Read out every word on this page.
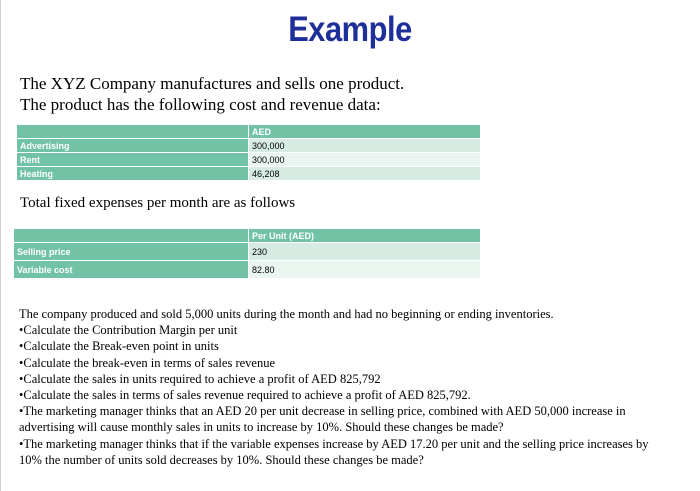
Example
The XYZ Company manufactures and sells one product.
The product has the following cost and revenue data:
	AED
Advertising	300,000
Rent	300,000
Heating	46,208
Total fixed expenses per month are as follows
	Per Unit (AED)
Selling price	230
Variable cost	82.80

The company produced and sold 5,000 units during the month and had no beginning or ending inventories.

•Calculate the Contribution Margin per unit

•Calculate the Break-even point in units

•Calculate the break-even in terms of sales revenue

•Calculate the sales in units required to achieve a profit of AED 825,792

•Calculate the sales in terms of sales revenue required to achieve a profit of AED 825,792.

•The marketing manager thinks that an AED 20 per unit decrease in selling price, combined with AED 50,000 increase in advertising will cause monthly sales in units to increase by 10%. Should these changes be made?

•The marketing manager thinks that if the variable expenses increase by AED 17.20 per unit and the selling price increases by 10% the number of units sold decreases by 10%. Should these changes be made?
